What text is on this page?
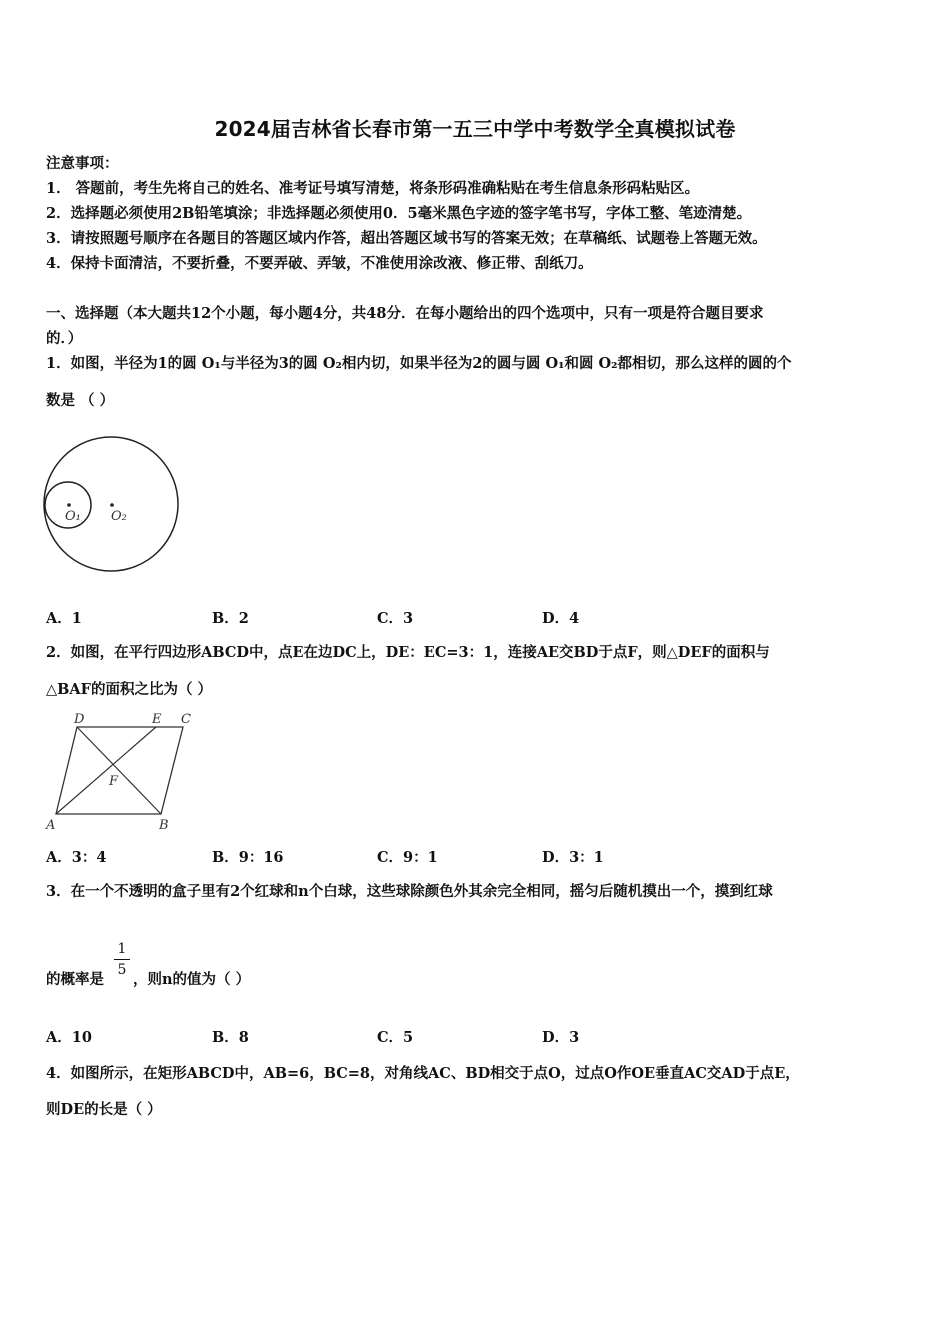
2024届吉林省长春市第一五三中学中考数学全真模拟试卷
注意事项：
1． 答题前，考生先将自己的姓名、准考证号填写清楚，将条形码准确粘贴在考生信息条形码粘贴区。
2．选择题必须使用2B铅笔填涂；非选择题必须使用0．5毫米黑色字迹的签字笔书写，字体工整、笔迹清楚。
3．请按照题号顺序在各题目的答题区域内作答，超出答题区域书写的答案无效；在草稿纸、试题卷上答题无效。
4．保持卡面清洁，不要折叠，不要弄破、弄皱，不准使用涂改液、修正带、刮纸刀。
一、选择题（本大题共12个小题，每小题4分，共48分．在每小题给出的四个选项中，只有一项是符合题目要求
的．）
1．如图，半径为1的圆 O₁与半径为3的圆 O₂相内切，如果半径为2的圆与圆 O₁和圆 O₂都相切，那么这样的圆的个
数是 （ ）
O₁ O₂
A．1	B．2	C．3	D．4
2．如图，在平行四边形ABCD中，点E在边DC上，DE：EC=3：1，连接AE交BD于点F，则△DEF的面积与
△BAF的面积之比为（ ）
D	E C
A	B
F
A．3：4	B．9：16	C．9：1	D．3：1
3．在一个不透明的盒子里有2个红球和n个白球，这些球除颜色外其余完全相同，摇匀后随机摸出一个，摸到红球
的概率是
1
5
，则n的值为（ ）
A．10	B．8	C．5	D．3
4．如图所示，在矩形ABCD中，AB=6，BC=8，对角线AC、BD相交于点O，过点O作OE垂直AC交AD于点E，
则DE的长是（ ）
